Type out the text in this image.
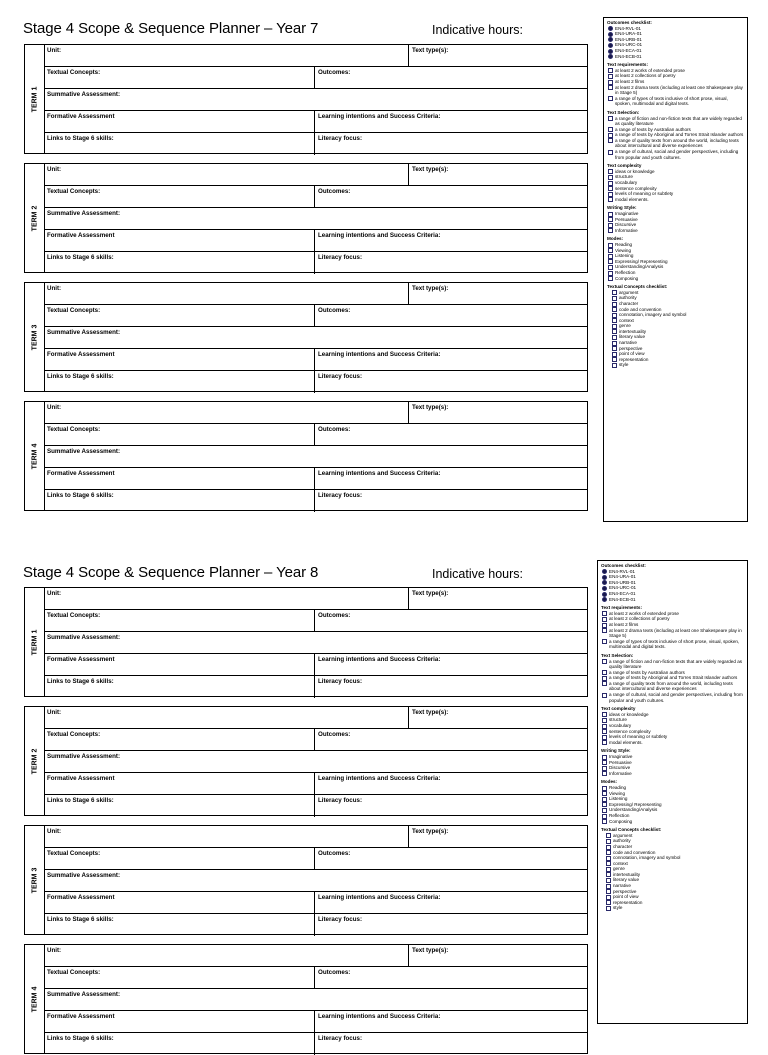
Stage 4 Scope & Sequence Planner – Year 7	Indicative hours:
TERM 1
Unit:	Text type(s):
Textual Concepts:	Outcomes:
Summative Assessment:
Formative Assessment	Learning intentions and Success Criteria:
Links to Stage 6 skills:	Literacy focus:
TERM 2
Unit:	Text type(s):
Textual Concepts:	Outcomes:
Summative Assessment:
Formative Assessment	Learning intentions and Success Criteria:
Links to Stage 6 skills:	Literacy focus:
TERM 3
Unit:	Text type(s):
Textual Concepts:	Outcomes:
Summative Assessment:
Formative Assessment	Learning intentions and Success Criteria:
Links to Stage 6 skills:	Literacy focus:
TERM 4
Unit:	Text type(s):
Textual Concepts:	Outcomes:
Summative Assessment:
Formative Assessment	Learning intentions and Success Criteria:
Links to Stage 6 skills:	Literacy focus:
Outcomes checklist:
EN4-RVL-01
EN4-URA-01
EN4-URB-01
EN4-URC-01
EN4-ECA-01
EN4-ECB-01
Text requirements:
at least 2 works of extended prose
at least 2 collections of poetry
at least 2 films
at least 2 drama texts (including at least one Shakespeare play in Stage 5)
a range of types of texts inclusive of short prose, visual, spoken, multimodal and digital texts.
Text Selection:
a range of fiction and non-fiction texts that are widely regarded as quality literature
a range of texts by Australian authors
a range of texts by Aboriginal and Torres Strait Islander authors
a range of quality texts from around the world, including texts about intercultural and diverse experiences
a range of cultural, social and gender perspectives, including from popular and youth cultures.
Text complexity
ideas or knowledge
structure
vocabulary
sentence complexity
levels of meaning or subtlety
modal elements.
Writing Style:
Imaginative
Persuasive
Discursive
Informative
Modes:
Reading
Viewing
Listening
Expressing/ Representing
Understanding/Analysis
Reflection
Composing
Textual Concepts checklist:
argument
authority
character
code and convention
connotation, imagery and symbol
context
genre
intertextuality
literary value
narrative
perspective
point of view
representation
style
Stage 4 Scope & Sequence Planner – Year 8	Indicative hours:
TERM 1
Unit:	Text type(s):
Textual Concepts:	Outcomes:
Summative Assessment:
Formative Assessment	Learning intentions and Success Criteria:
Links to Stage 6 skills:	Literacy focus:
TERM 2
Unit:	Text type(s):
Textual Concepts:	Outcomes:
Summative Assessment:
Formative Assessment	Learning intentions and Success Criteria:
Links to Stage 6 skills:	Literacy focus:
TERM 3
Unit:	Text type(s):
Textual Concepts:	Outcomes:
Summative Assessment:
Formative Assessment	Learning intentions and Success Criteria:
Links to Stage 6 skills:	Literacy focus:
TERM 4
Unit:	Text type(s):
Textual Concepts:	Outcomes:
Summative Assessment:
Formative Assessment	Learning intentions and Success Criteria:
Links to Stage 6 skills:	Literacy focus:
Outcomes checklist:
EN4-RVL-01
EN4-URA-01
EN4-URB-01
EN4-URC-01
EN4-ECA-01
EN4-ECB-01
Text requirements:
at least 2 works of extended prose
at least 2 collections of poetry
at least 2 films
at least 2 drama texts (including at least one Shakespeare play in Stage 5)
a range of types of texts inclusive of short prose, visual, spoken, multimodal and digital texts.
Text Selection:
a range of fiction and non-fiction texts that are widely regarded as quality literature
a range of texts by Australian authors
a range of texts by Aboriginal and Torres Strait Islander authors
a range of quality texts from around the world, including texts about intercultural and diverse experiences
a range of cultural, social and gender perspectives, including from popular and youth cultures.
Text complexity
ideas or knowledge
structure
vocabulary
sentence complexity
levels of meaning or subtlety
modal elements.
Writing Style:
Imaginative
Persuasive
Discursive
Informative
Modes:
Reading
Viewing
Listening
Expressing/ Representing
Understanding/Analysis
Reflection
Composing
Textual Concepts checklist:
argument
authority
character
code and convention
connotation, imagery and symbol
context
genre
intertextuality
literary value
narrative
perspective
point of view
representation
style
